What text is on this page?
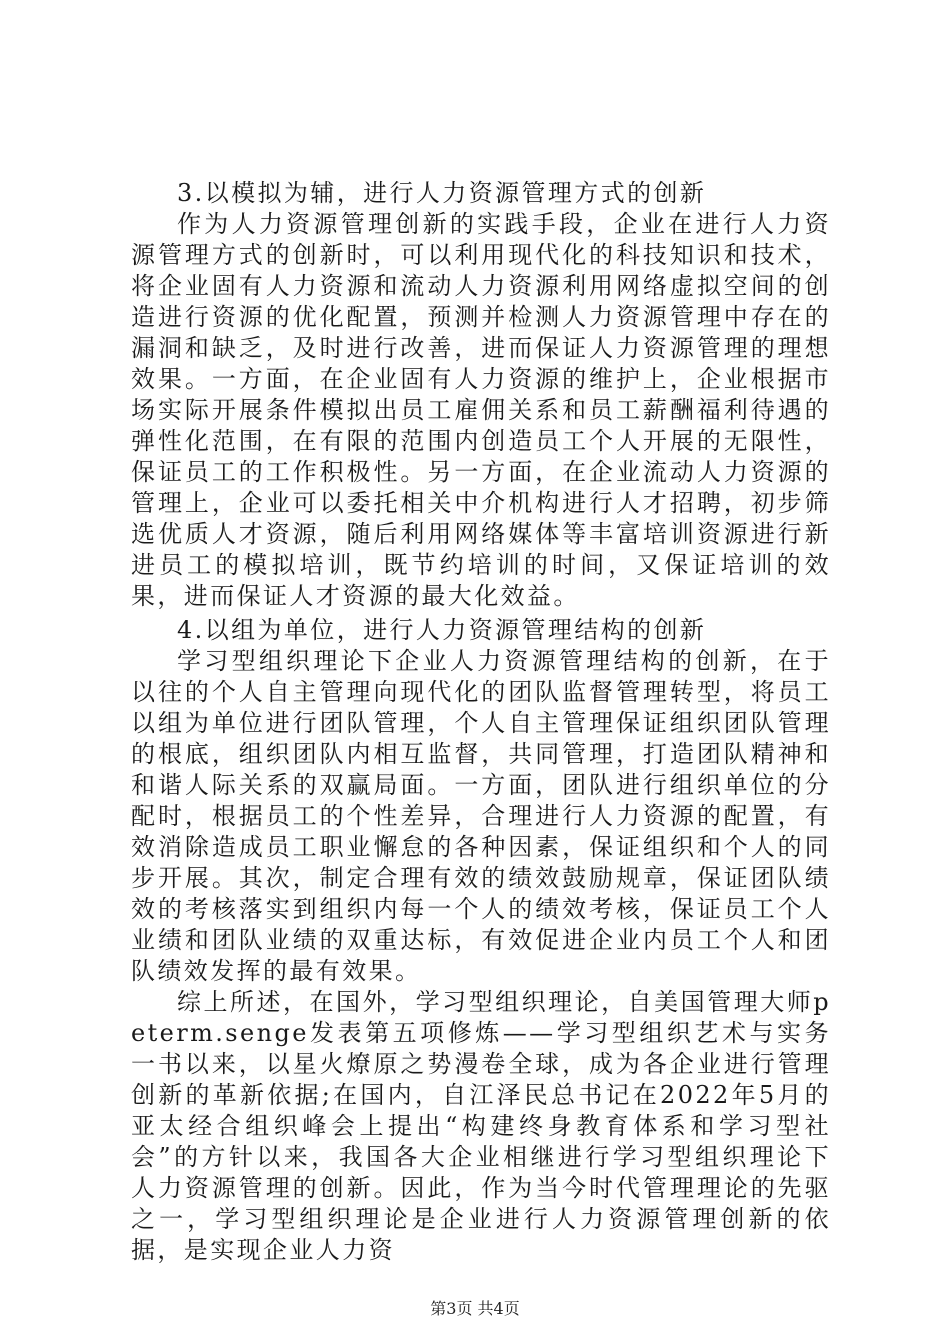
3.以模拟为辅，进行人力资源管理方式的创新
作为人力资源管理创新的实践手段，企业在进行人力资源管理方式的创新时，可以利用现代化的科技知识和技术，将企业固有人力资源和流动人力资源利用网络虚拟空间的创造进行资源的优化配置，预测并检测人力资源管理中存在的漏洞和缺乏，及时进行改善，进而保证人力资源管理的理想效果。一方面，在企业固有人力资源的维护上，企业根据市场实际开展条件模拟出员工雇佣关系和员工薪酬福利待遇的弹性化范围，在有限的范围内创造员工个人开展的无限性，保证员工的工作积极性。另一方面，在企业流动人力资源的管理上，企业可以委托相关中介机构进行人才招聘，初步筛选优质人才资源，随后利用网络媒体等丰富培训资源进行新进员工的模拟培训，既节约培训的时间，又保证培训的效果，进而保证人才资源的最大化效益。
4.以组为单位，进行人力资源管理结构的创新
学习型组织理论下企业人力资源管理结构的创新，在于以往的个人自主管理向现代化的团队监督管理转型，将员工以组为单位进行团队管理，个人自主管理保证组织团队管理的根底，组织团队内相互监督，共同管理，打造团队精神和和谐人际关系的双赢局面。一方面，团队进行组织单位的分配时，根据员工的个性差异，合理进行人力资源的配置，有效消除造成员工职业懈怠的各种因素，保证组织和个人的同步开展。其次，制定合理有效的绩效鼓励规章，保证团队绩效的考核落实到组织内每一个人的绩效考核，保证员工个人业绩和团队业绩的双重达标，有效促进企业内员工个人和团队绩效发挥的最有效果。
综上所述，在国外，学习型组织理论，自美国管理大师peterm.senge发表第五项修炼——学习型组织艺术与实务一书以来，以星火燎原之势漫卷全球，成为各企业进行管理创新的革新依据;在国内，自江泽民总书记在2022年5月的亚太经合组织峰会上提出“构建终身教育体系和学习型社会”的方针以来，我国各大企业相继进行学习型组织理论下人力资源管理的创新。因此，作为当今时代管理理论的先驱之一，学习型组织理论是企业进行人力资源管理创新的依据，是实现企业人力资
第3页 共4页
